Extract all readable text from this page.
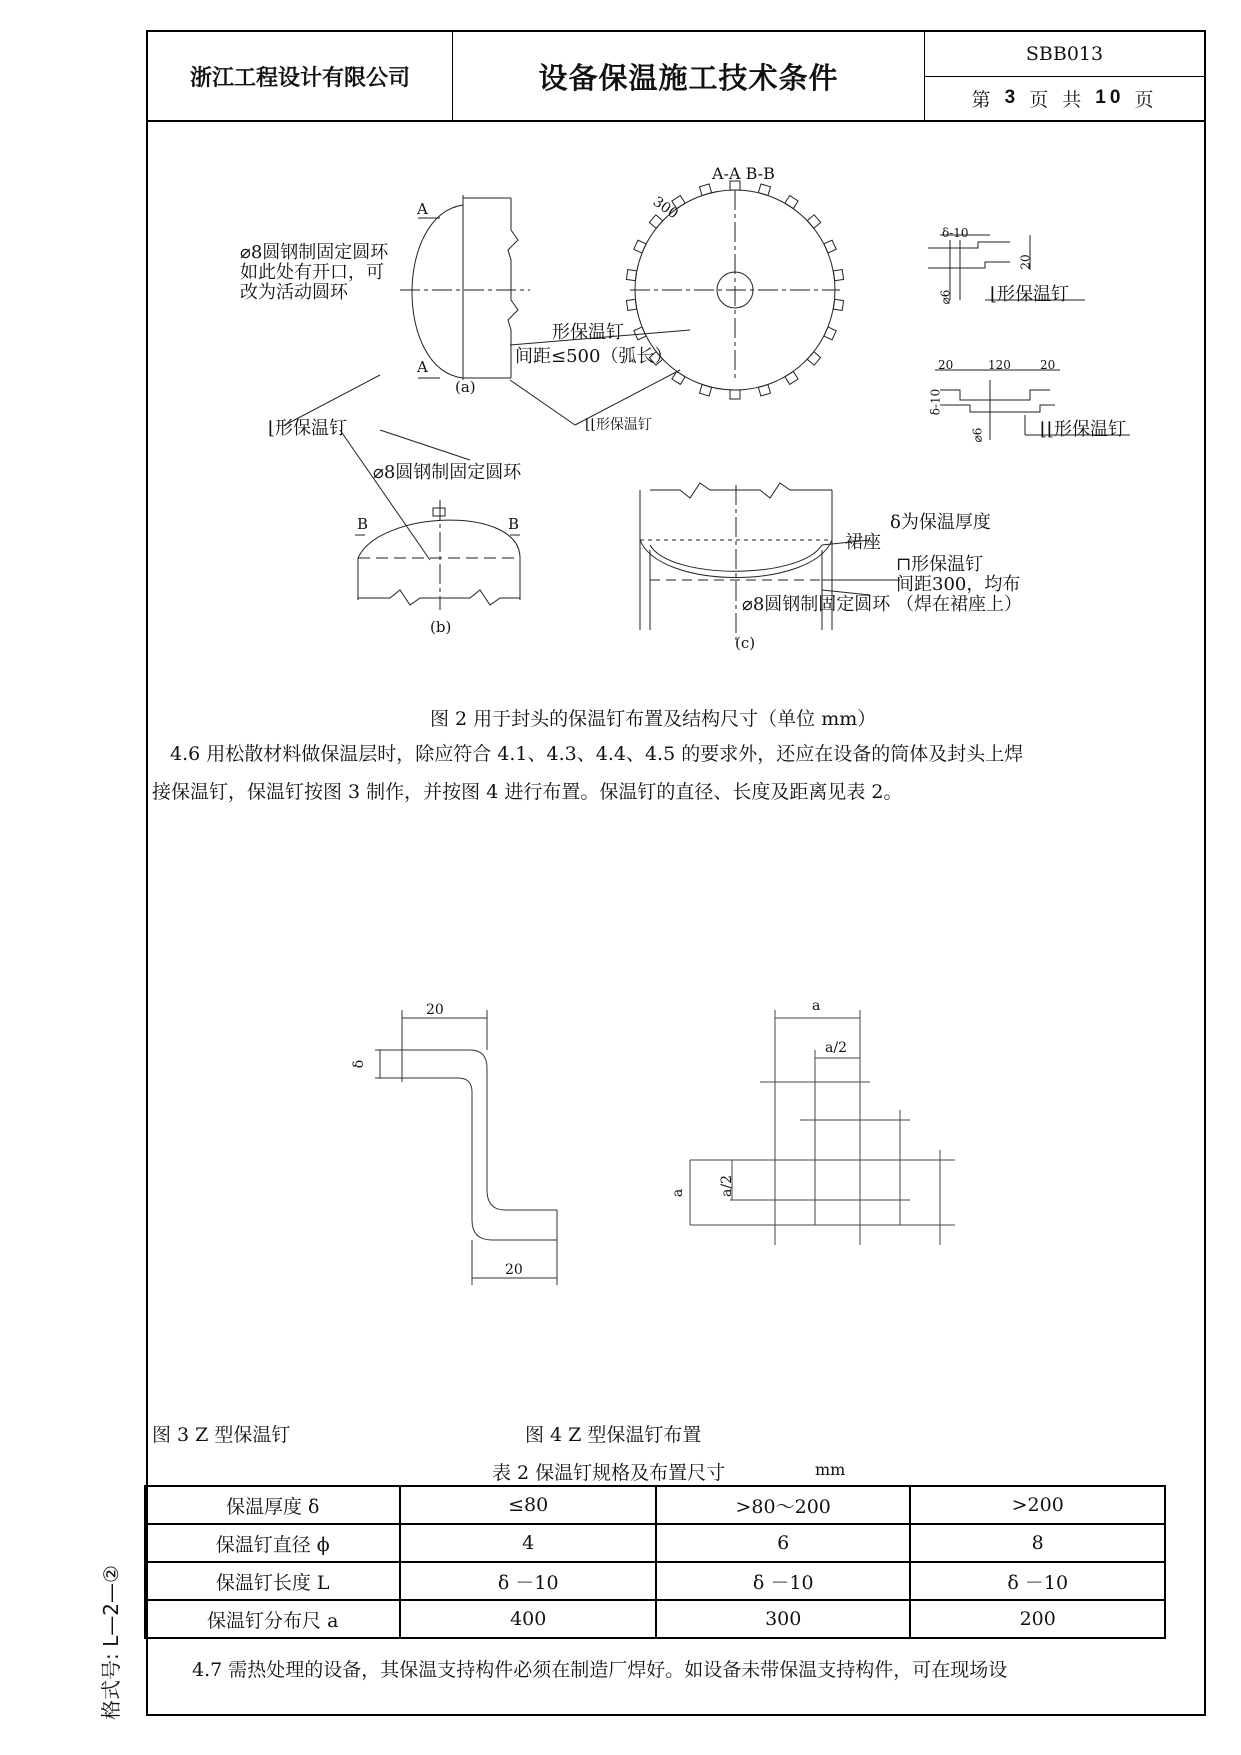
浙江工程设计有限公司	设备保温施工技术条件
SBB013
第
3
页 共
10
页
格式号: L—2—②
A
A
⌀8圆钢制固定圆环
如此处有开口，可
改为活动圆环
(a)
A-A B-B
300
形保温钉
间距≤500（弧长）
⌊形保温钉	⌊⌊形保温钉
⌀8圆钢制固定圆环
B	B
(b)
δ-10
20
⌀6 ⌊形保温钉
20	120 20
δ-10
⌀6	⌊⌊形保温钉
δ为保温厚度
裙座
⊓形保温钉
间距300，均布
⌀8圆钢制固定圆环 （焊在裙座上）
(c)
图 2 用于封头的保温钉布置及结构尺寸（单位 mm）
4.6 用松散材料做保温层时，除应符合 4.1、4.3、4.4、4.5 的要求外，还应在设备的筒体及封头上焊
接保温钉，保温钉按图 3 制作，并按图 4 进行布置。保温钉的直径、长度及距离见表 2。
20
δ
20
a
a/2
a a/2
图 3 Z 型保温钉	图 4 Z 型保温钉布置
表 2 保温钉规格及布置尺寸	mm
保温厚度 δ	≤80	>80～200	>200
保温钉直径 ϕ	4	6	8
保温钉长度 L	δ －10	δ －10	δ －10
保温钉分布尺 a	400	300	200
4.7 需热处理的设备，其保温支持构件必须在制造厂焊好。如设备未带保温支持构件，可在现场设
